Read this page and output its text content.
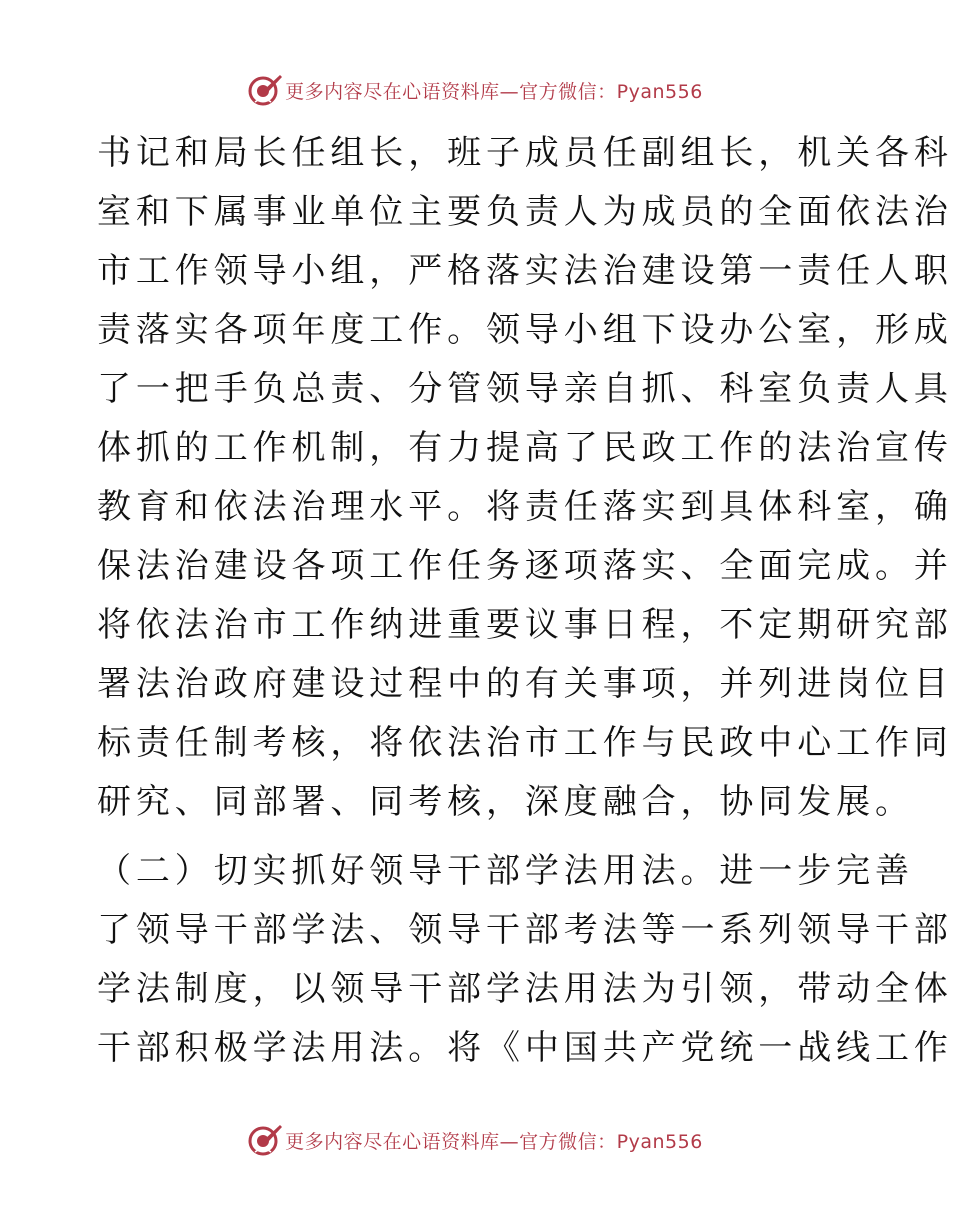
更多内容尽在心语资料库—官方微信：Pyan556
书记和局长任组长，班子成员任副组长，机关各科
室和下属事业单位主要负责人为成员的全面依法治
市工作领导小组，严格落实法治建设第一责任人职
责落实各项年度工作。领导小组下设办公室，形成
了一把手负总责、分管领导亲自抓、科室负责人具
体抓的工作机制，有力提高了民政工作的法治宣传
教育和依法治理水平。将责任落实到具体科室，确
保法治建设各项工作任务逐项落实、全面完成。并
将依法治市工作纳进重要议事日程，不定期研究部
署法治政府建设过程中的有关事项，并列进岗位目
标责任制考核，将依法治市工作与民政中心工作同
研究、同部署、同考核，深度融合，协同发展。
（二）切实抓好领导干部学法用法。进一步完善
了领导干部学法、领导干部考法等一系列领导干部
学法制度，以领导干部学法用法为引领，带动全体
干部积极学法用法。将《中国共产党统一战线工作
更多内容尽在心语资料库—官方微信：Pyan556
